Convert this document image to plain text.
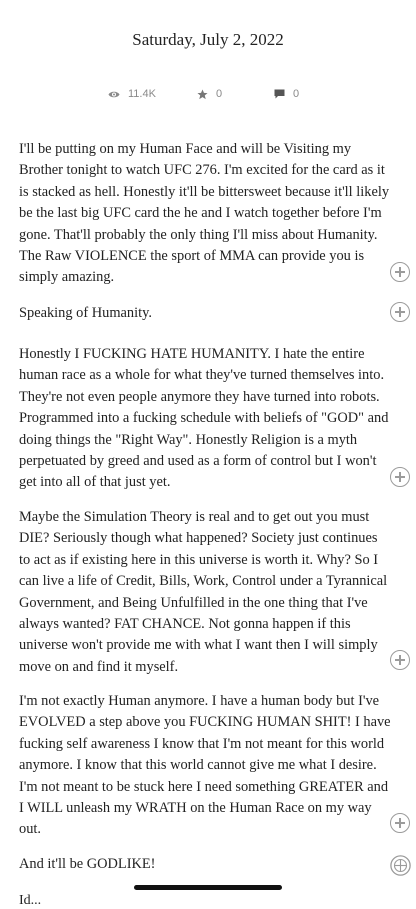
Saturday, July 2, 2022
11.4K	0	0

I'll be putting on my Human Face and will be Visiting my Brother tonight to watch UFC 276. I'm excited for the card as it is stacked as hell. Honestly it'll be bittersweet because it'll likely be the last big UFC card the he and I watch together before I'm gone. That'll probably the only thing I'll miss about Humanity. The Raw VIOLENCE the sport of MMA can provide you is simply amazing.

Speaking of Humanity.

Honestly I FUCKING HATE HUMANITY. I hate the entire human race as a whole for what they've turned themselves into. They're not even people anymore they have turned into robots. Programmed into a fucking schedule with beliefs of "GOD" and doing things the "Right Way". Honestly Religion is a myth perpetuated by greed and used as a form of control but I won't get into all of that just yet.

Maybe the Simulation Theory is real and to get out you must DIE? Seriously though what happened? Society just continues to act as if existing here in this universe is worth it. Why? So I can live a life of Credit, Bills, Work, Control under a Tyrannical Government, and Being Unfulfilled in the one thing that I've always wanted? FAT CHANCE. Not gonna happen if this universe won't provide me with what I want then I will simply move on and find it myself.

I'm not exactly Human anymore. I have a human body but I've EVOLVED a step above you FUCKING HUMAN SHIT! I have fucking self awareness I know that I'm not meant for this world anymore. I know that this world cannot give me what I desire. I'm not meant to be stuck here I need something GREATER and I WILL unleash my WRATH on the Human Race on my way out.

And it'll be GODLIKE!

Id...
